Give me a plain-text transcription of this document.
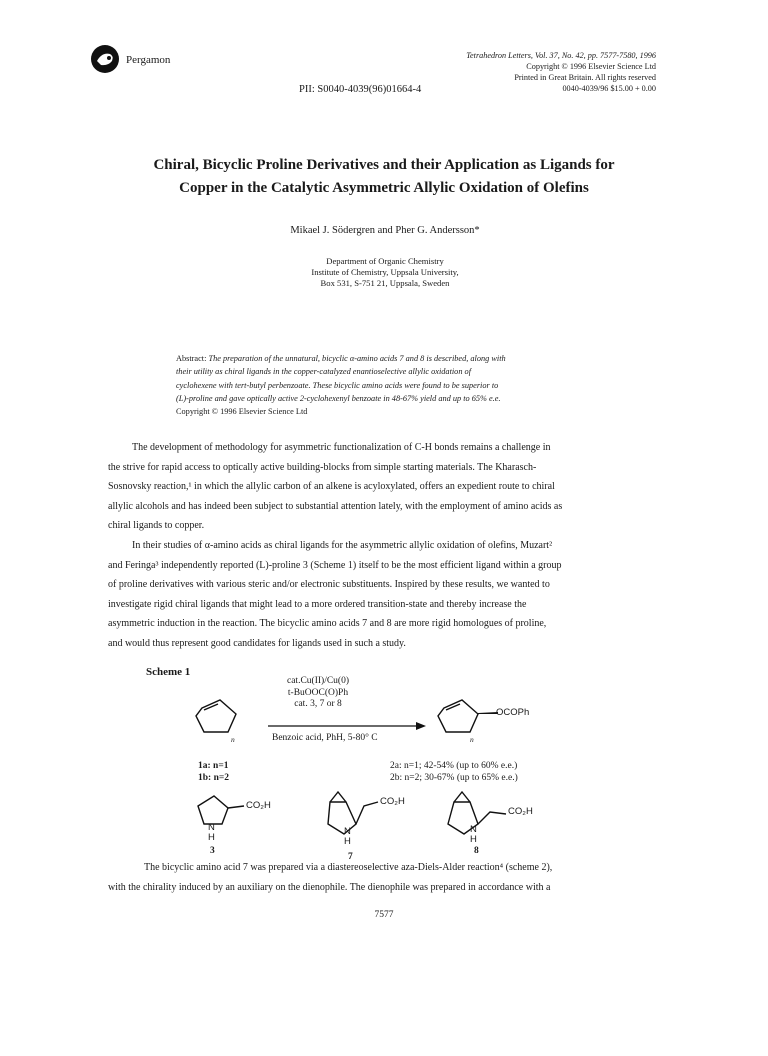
Pergamon	Tetrahedron Letters, Vol. 37, No. 42, pp. 7577-7580, 1996
Copyright © 1996 Elsevier Science Ltd
Printed in Great Britain. All rights reserved
0040-4039/96 $15.00 + 0.00
PII: S0040-4039(96)01664-4
Chiral, Bicyclic Proline Derivatives and their Application as Ligands for
Copper in the Catalytic Asymmetric Allylic Oxidation of Olefins
Mikael J. Södergren and Pher G. Andersson*
Department of Organic Chemistry
Institute of Chemistry, Uppsala University,
Box 531, S-751 21, Uppsala, Sweden
Abstract: The preparation of the unnatural, bicyclic α-amino acids 7 and 8 is described, along with
their utility as chiral ligands in the copper-catalyzed enantioselective allylic oxidation of
cyclohexene with tert-butyl perbenzoate. These bicyclic amino acids were found to be superior to
(L)-proline and gave optically active 2-cyclohexenyl benzoate in 48-67% yield and up to 65% e.e.
Copyright © 1996 Elsevier Science Ltd
The development of methodology for asymmetric functionalization of C-H bonds remains a challenge in
the strive for rapid access to optically active building-blocks from simple starting materials. The Kharasch-
Sosnovsky reaction,¹ in which the allylic carbon of an alkene is acyloxylated, offers an expedient route to chiral
allylic alcohols and has indeed been subject to substantial attention lately, with the employment of amino acids as
chiral ligands to copper.
In their studies of α-amino acids as chiral ligands for the asymmetric allylic oxidation of olefins, Muzart²
and Feringa³ independently reported (L)-proline 3 (Scheme 1) itself to be the most efficient ligand within a group
of proline derivatives with various steric and/or electronic substituents. Inspired by these results, we wanted to
investigate rigid chiral ligands that might lead to a more ordered transition-state and thereby increase the
asymmetric induction in the reaction. The bicyclic amino acids 7 and 8 are more rigid homologues of proline,
and would thus represent good candidates for ligands used in such a study.
Scheme 1
cat.Cu(II)/Cu(0)
t-BuOOC(O)Ph
cat. 3, 7 or 8
Benzoic acid, PhH, 5-80° C
n	n
OCOPh
1a: n=1
1b: n=2
2a: n=1; 42-54% (up to 60% e.e.)
2b: n=2; 30-67% (up to 65% e.e.)
CO₂H
N
H
3
CO₂H
N
H
7
CO₂H
N
H
8
The bicyclic amino acid 7 was prepared via a diastereoselective aza-Diels-Alder reaction⁴ (scheme 2),
with the chirality induced by an auxiliary on the dienophile. The dienophile was prepared in accordance with a
7577
